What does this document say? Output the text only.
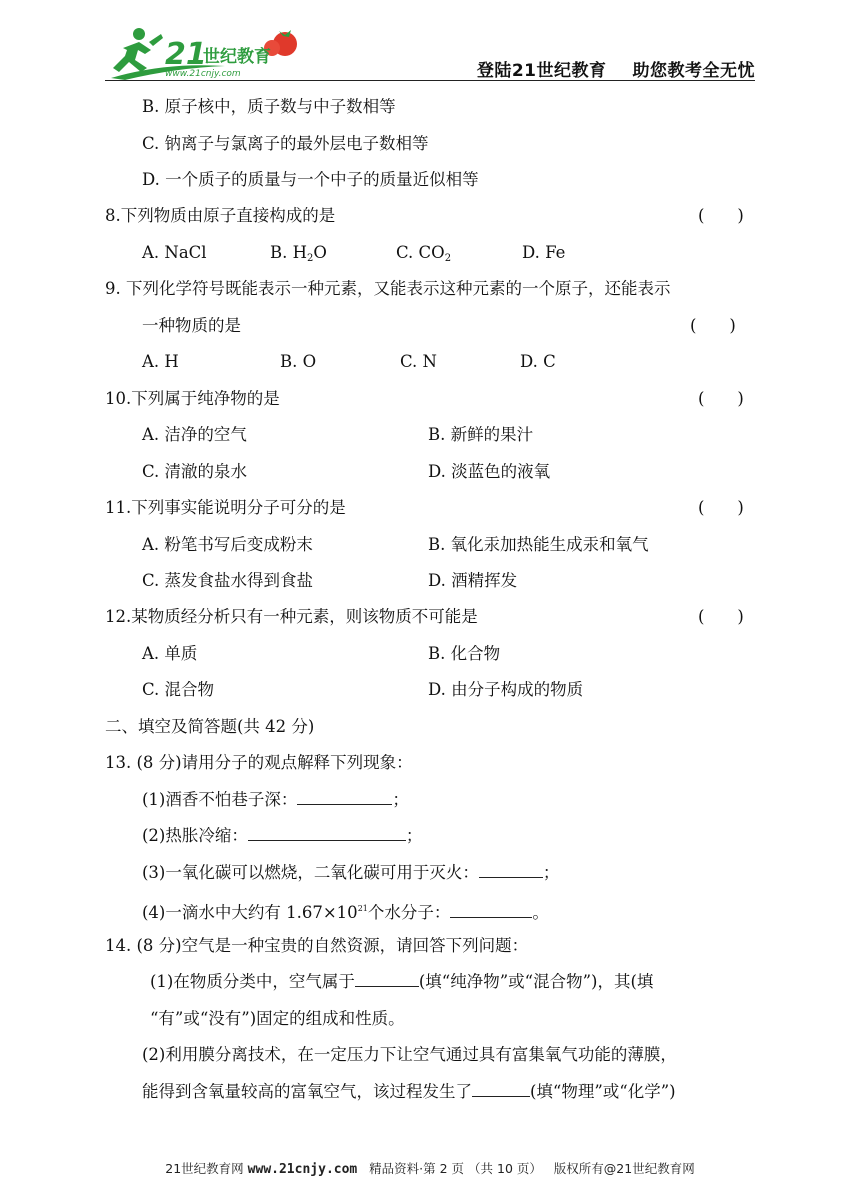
21
世纪教育
www.21cnjy.com	登陆21世纪教育 助您教考全无忧
B. 原子核中，质子数与中子数相等
C. 钠离子与氯离子的最外层电子数相等
D. 一个质子的质量与一个中子的质量近似相等
8.下列物质由原子直接构成的是	(　　)
A. NaCl	B. $H_2O$	C. $CO_2$	D. Fe
9. 下列化学符号既能表示一种元素，又能表示这种元素的一个原子，还能表示
一种物质的是	(　　)
A. H	B. O	C. N	D. C
10.下列属于纯净物的是	(　　)
A. 洁净的空气	B. 新鲜的果汁
C. 清澈的泉水	D. 淡蓝色的液氧
11.下列事实能说明分子可分的是	(　　)
A. 粉笔书写后变成粉末	B. 氧化汞加热能生成汞和氧气
C. 蒸发食盐水得到食盐	D. 酒精挥发
12.某物质经分析只有一种元素，则该物质不可能是	(　　)
A. 单质	B. 化合物
C. 混合物	D. 由分子构成的物质
二、填空及简答题(共 42 分)
13. (8 分)请用分子的观点解释下列现象：
(1)酒香不怕巷子深：	；
(2)热胀冷缩：	；
(3)一氧化碳可以燃烧，二氧化碳可用于灭火：	；
(4)一滴水中大约有 $1.67\times 10^{21}$个水分子：	。
14. (8 分)空气是一种宝贵的自然资源，请回答下列问题：
(1)在物质分类中，空气属于	(填“纯净物”或“混合物”)，其(填
“有”或“没有”)固定的组成和性质。
(2)利用膜分离技术，在一定压力下让空气通过具有富集氧气功能的薄膜，
能得到含氧量较高的富氧空气，该过程发生了	(填“物理”或“化学”)
21世纪教育网 www.21cnjy.com 精品资料·第 2 页 （共 10 页） 版权所有@21世纪教育网
